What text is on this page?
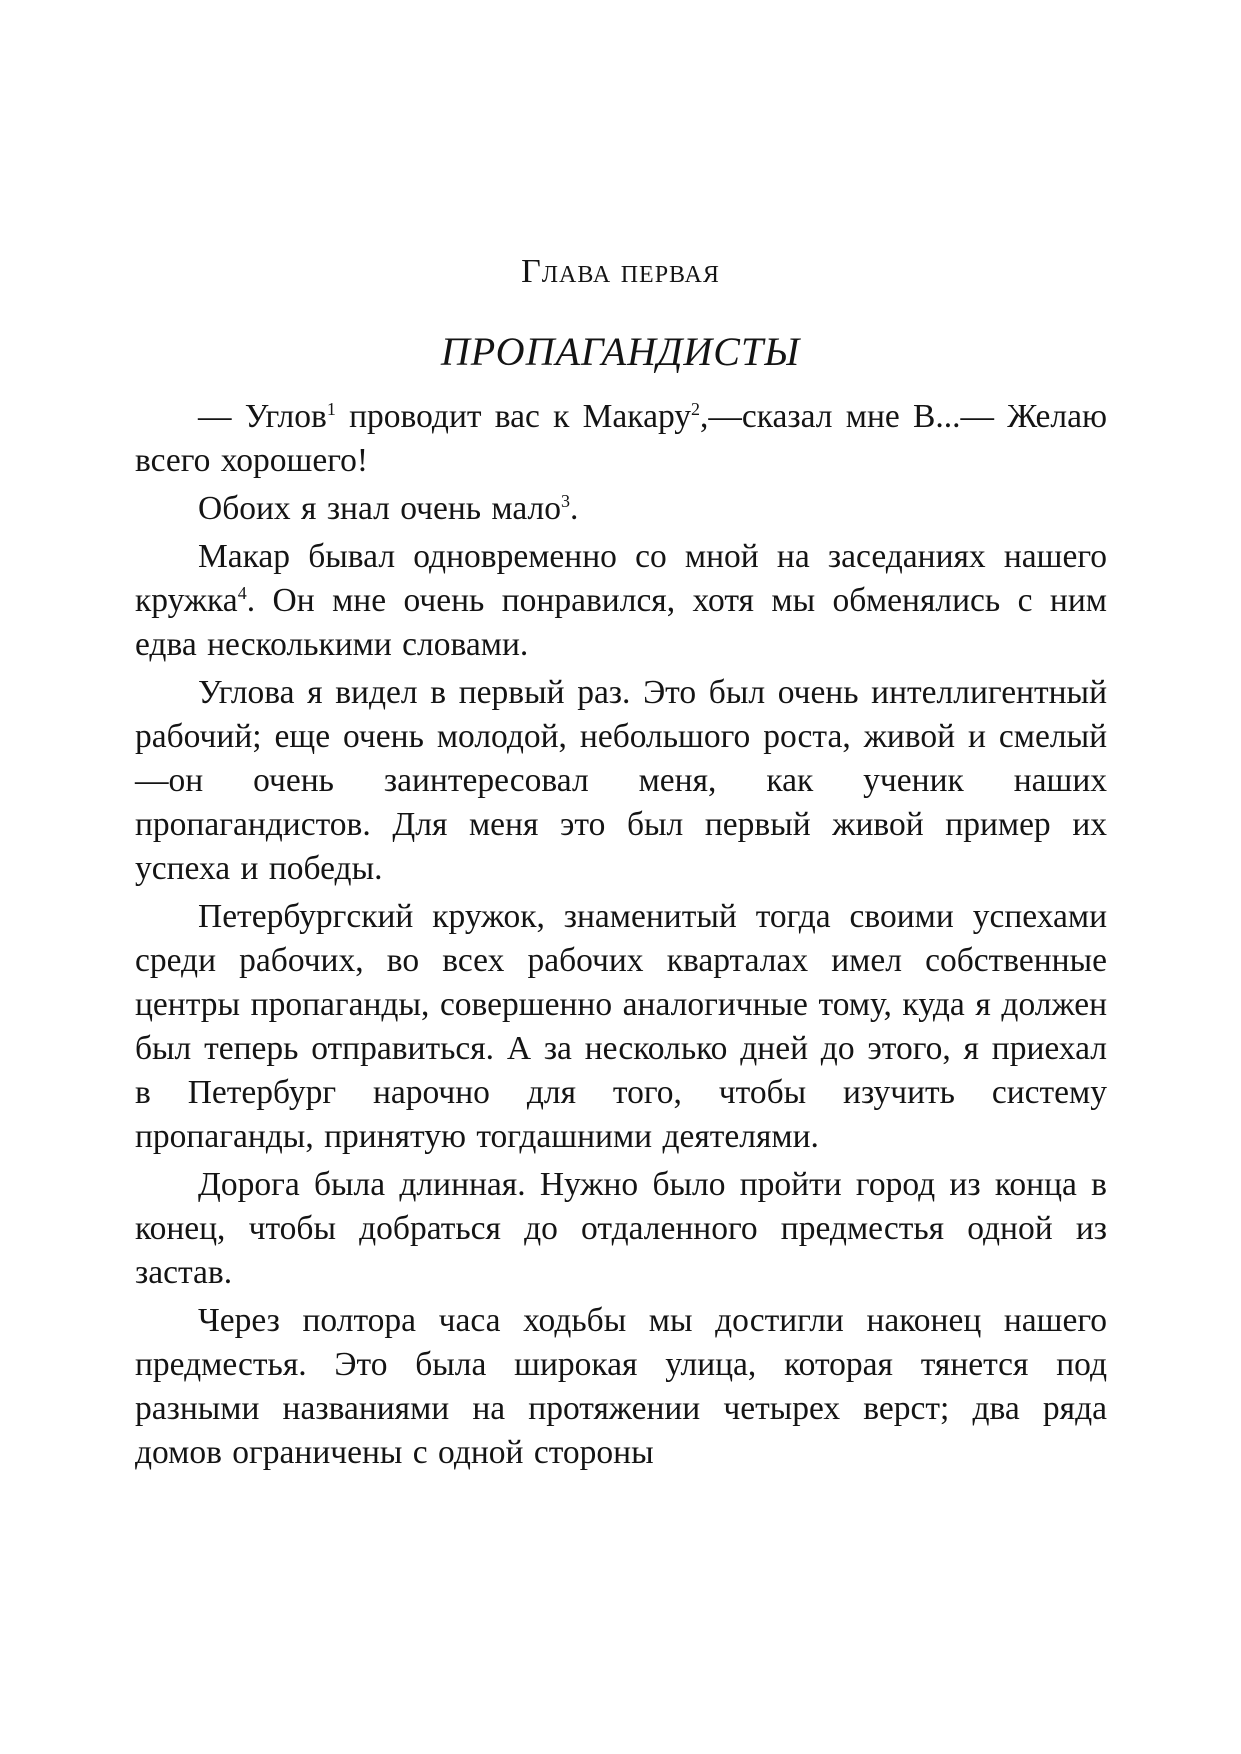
Глава первая
ПРОПАГАНДИСТЫ

— Углов$^1$ проводит вас к Макару$^2$,—сказал мне В...— Желаю всего хорошего!

Обоих я знал очень мало$^3$.

Макар бывал одновременно со мной на заседаниях нашего кружка$^4$. Он мне очень понравился, хотя мы обменялись с ним едва несколькими словами.

Углова я видел в первый раз. Это был очень интеллигентный рабочий; еще очень молодой, небольшого роста, живой и смелый—он очень заинтересовал меня, как ученик наших пропагандистов. Для меня это был первый живой пример их успеха и победы.

Петербургский кружок, знаменитый тогда своими успехами среди рабочих, во всех рабочих кварталах имел собственные центры пропаганды, совершенно аналогичные тому, куда я должен был теперь отправиться. А за несколько дней до этого, я приехал в Петербург нарочно для того, чтобы изучить систему пропаганды, принятую тогдашними деятелями.

Дорога была длинная. Нужно было пройти город из конца в конец, чтобы добраться до отдаленного предместья одной из застав.

Через полтора часа ходьбы мы достигли наконец нашего предместья. Это была широкая улица, которая тянется под разными названиями на протяжении четырех верст; два ряда домов ограничены с одной стороны
